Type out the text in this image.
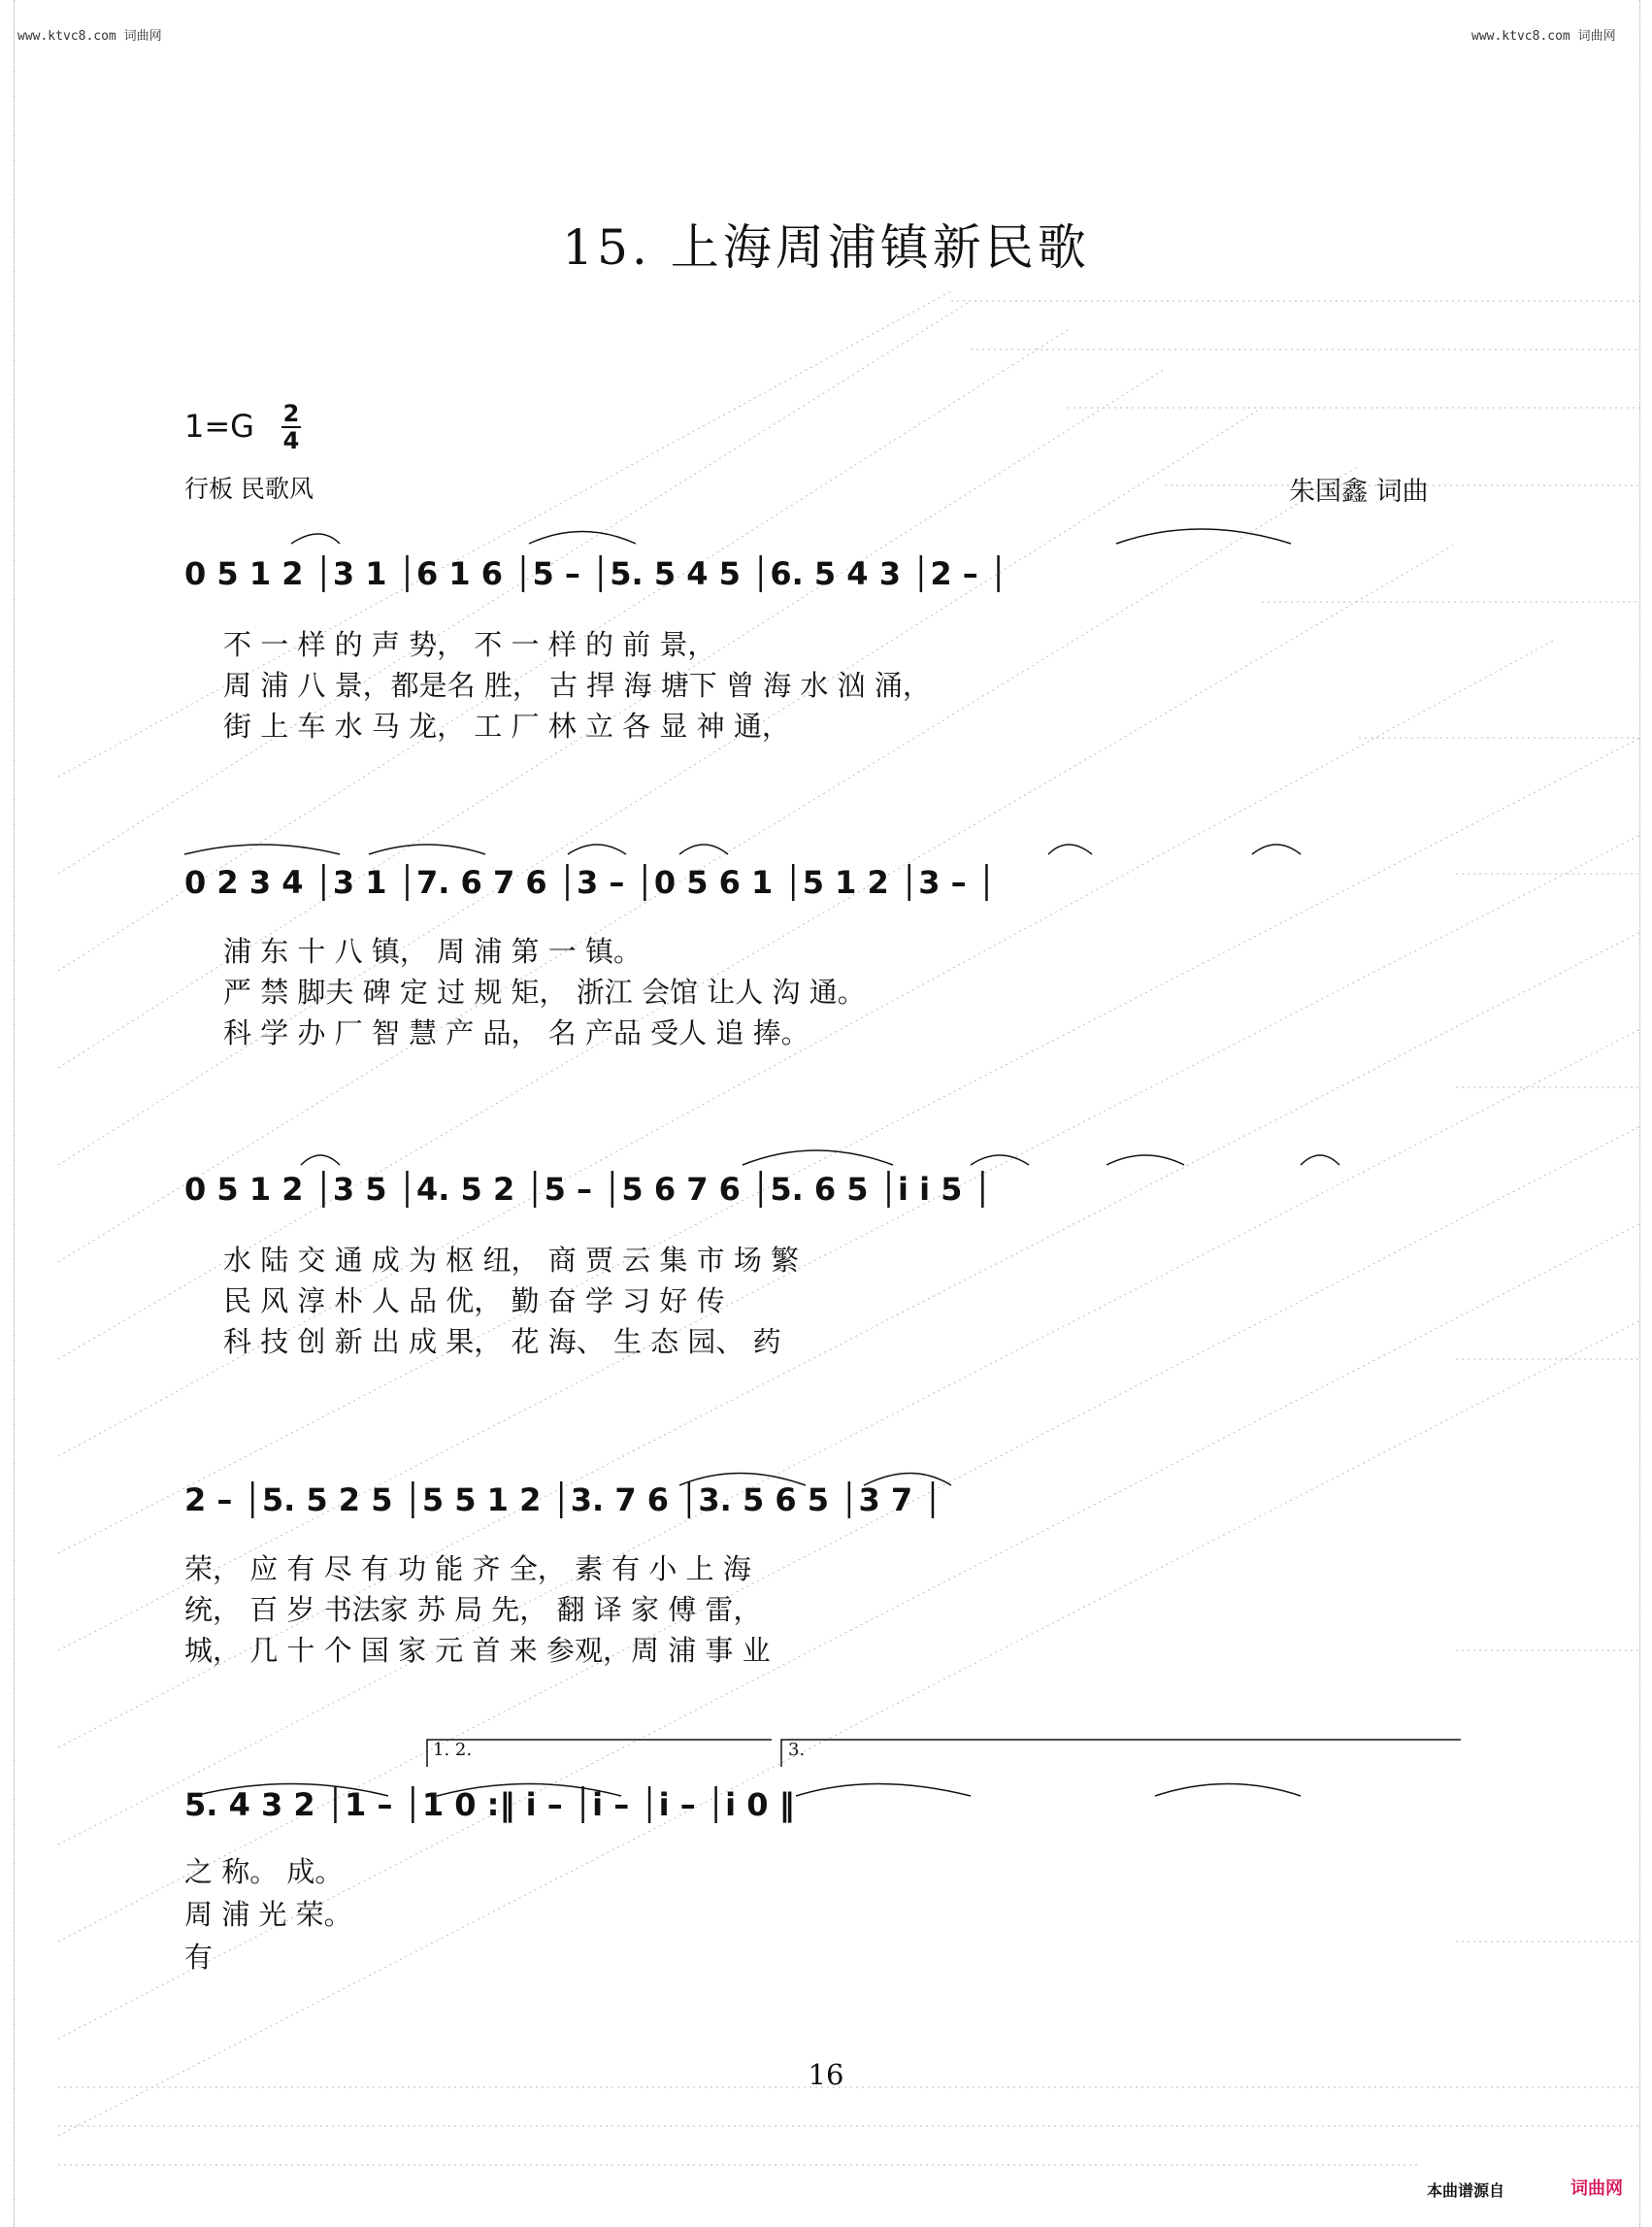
www.ktvc8.com 词曲网	www.ktvc8.com 词曲网
15. 上海周浦镇新民歌
1=G 2
4
行板 民歌风	朱国鑫 词曲
0 5 1 2 │3 1 │6 1 6 │5 – │5. 5 4 5 │6. 5 4 3 │2 – │
不 一 样 的 声 势， 不 一 样 的 前 景，
周 浦 八 景，都是名 胜， 古 捍 海 塘下 曾 海 水 汹 涌，
街 上 车 水 马 龙， 工 厂 林 立 各 显 神 通，
0 2 3 4 │3 1 │7. 6 7 6 │3 – │0 5 6 1 │5 1 2 │3 – │
浦 东 十 八 镇， 周 浦 第 一 镇。
严 禁 脚夫 碑 定 过 规 矩， 浙江 会馆 让人 沟 通。
科 学 办 厂 智 慧 产 品， 名 产品 受人 追 捧。
0 5 1 2 │3 5 │4. 5 2 │5 – │5 6 7 6 │5. 6 5 │i i 5 │
水 陆 交 通 成 为 枢 纽， 商 贾 云 集 市 场 繁
民 风 淳 朴 人 品 优， 勤 奋 学 习 好 传
科 技 创 新 出 成 果， 花 海、 生 态 园、 药
2 – │5. 5 2 5 │5 5 1 2 │3. 7 6 │3. 5 6 5 │3 7 │
荣， 应 有 尽 有 功 能 齐 全， 素 有 小 上 海
统， 百 岁 书法家 苏 局 先， 翻 译 家 傅 雷，
城， 几 十 个 国 家 元 首 来 参观，周 浦 事 业
1. 2.	3.
5. 4 3 2 │1 – │1 0 :‖ i – │i – │i – │i 0 ‖
之 称。 成。
周 浦 光 荣。
有
16
本曲谱源自	词曲网
